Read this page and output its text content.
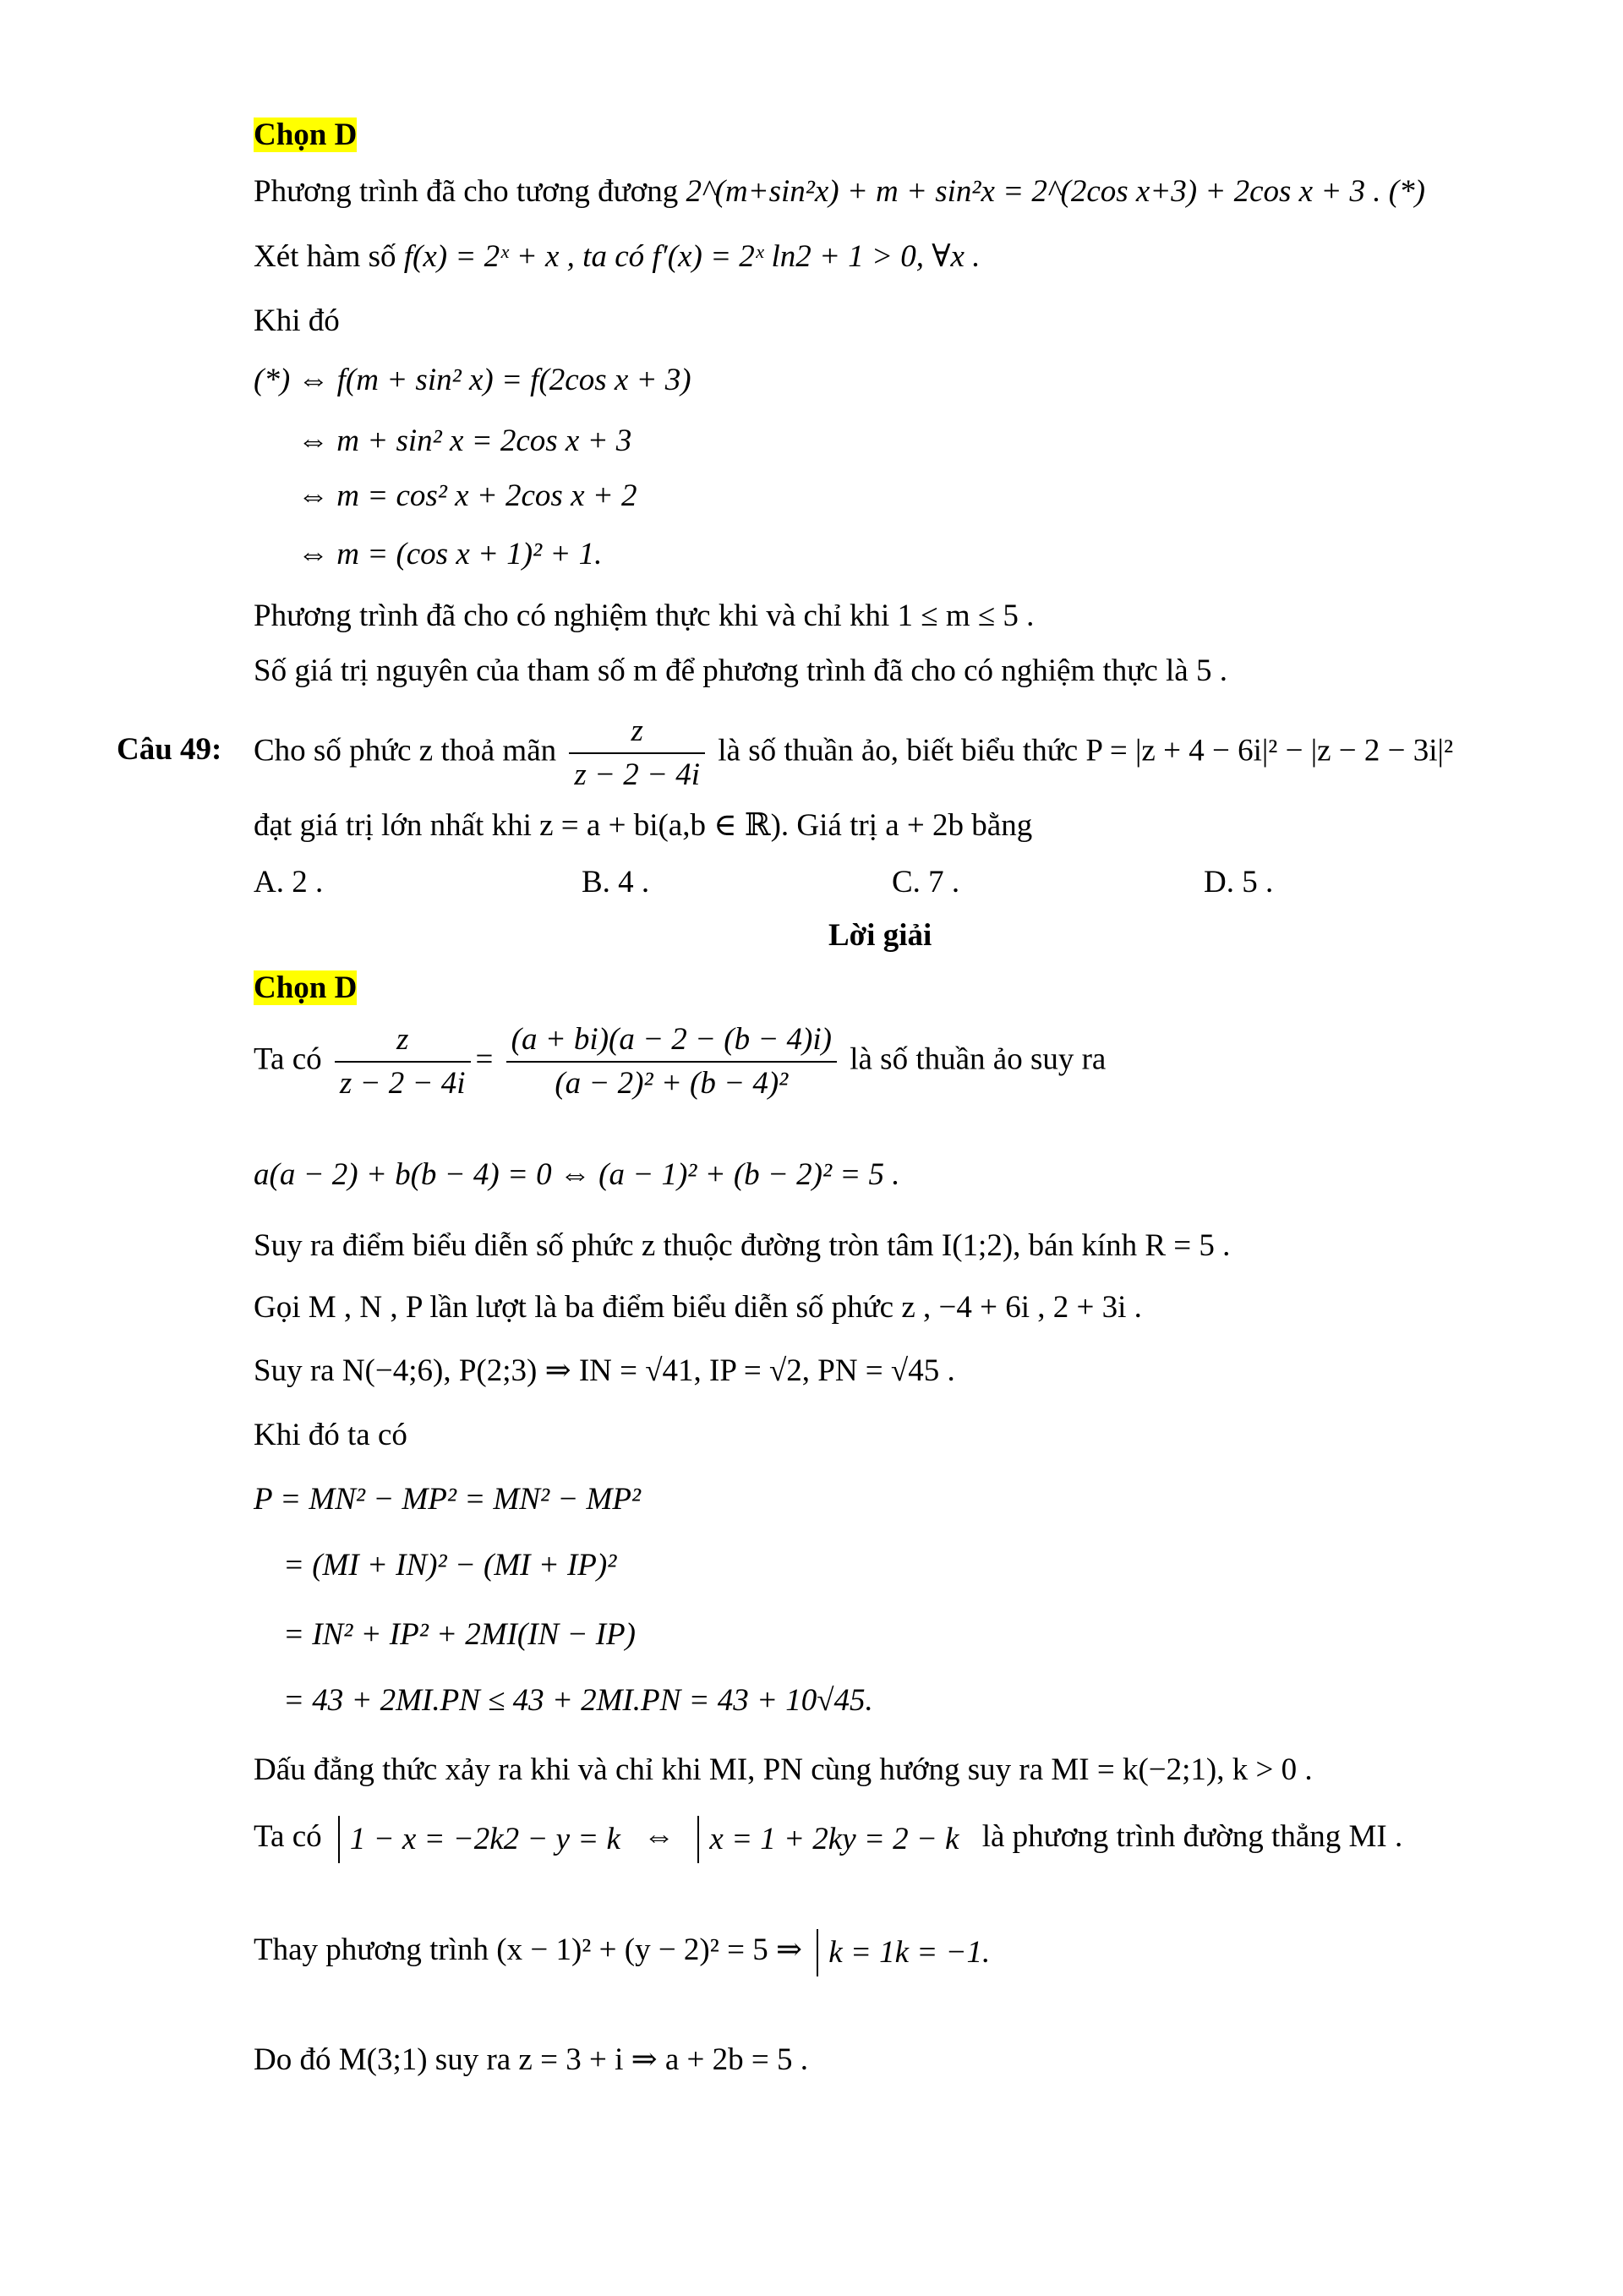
Chọn D
Phương trình đã cho tương đương 2^(m+sin²x) + m + sin²x = 2^(2cos x+3) + 2cos x + 3 . (*)
Xét hàm số f(x) = 2ˣ + x , ta có f′(x) = 2ˣ ln2 + 1 > 0, ∀x .
Khi đó
(*) ⇔ f(m + sin² x) = f(2cos x + 3)
⇔ m + sin² x = 2cos x + 3
⇔ m = cos² x + 2cos x + 2
⇔ m = (cos x + 1)² + 1.
Phương trình đã cho có nghiệm thực khi và chỉ khi 1 ≤ m ≤ 5 .
Số giá trị nguyên của tham số m để phương trình đã cho có nghiệm thực là 5 .
Câu 49: Cho số phức z thoả mãn $\frac{z}{z - 2 - 4i}$ là số thuần ảo, biết biểu thức P = |z + 4 − 6i|² − |z − 2 − 3i|²
đạt giá trị lớn nhất khi z = a + bi(a,b ∈ ℝ). Giá trị a + 2b bằng
A. 2 .	B. 4 .	C. 7 .	D. 5 .
Lời giải
Chọn D
Ta có $\frac{z}{z - 2 - 4i} = \frac{(a + bi)(a - 2 - (b - 4)i)}{\text{(a − 2)² + (b − 4)²}}$ là số thuần ảo suy ra
a(a − 2) + b(b − 4) = 0 ⇔ (a − 1)² + (b − 2)² = 5 .
Suy ra điểm biểu diễn số phức z thuộc đường tròn tâm I(1;2), bán kính R = 5 .
Gọi M , N , P lần lượt là ba điểm biểu diễn số phức z , −4 + 6i , 2 + 3i .
Suy ra N(−4;6), P(2;3) ⇒ IN = √41, IP = √2, PN = √45 .
Khi đó ta có
P = MN² − MP² = MN² − MP²
= (MI + IN)² − (MI + IP)²
= IN² + IP² + 2MI(IN − IP)
= 43 + 2MI.PN ≤ 43 + 2MI.PN = 43 + 10√45.
Dấu đẳng thức xảy ra khi và chỉ khi MI, PN cùng hướng suy ra MI = k(−2;1), k > 0 .
Ta có 1 − x = −2k2 − y = k ⇔	x = 1 + 2ky = 2 − k là phương trình đường thẳng MI .
Thay phương trình (x − 1)² + (y − 2)² = 5 ⇒ k = 1k = −1.
Do đó M(3;1) suy ra z = 3 + i ⇒ a + 2b = 5 .
